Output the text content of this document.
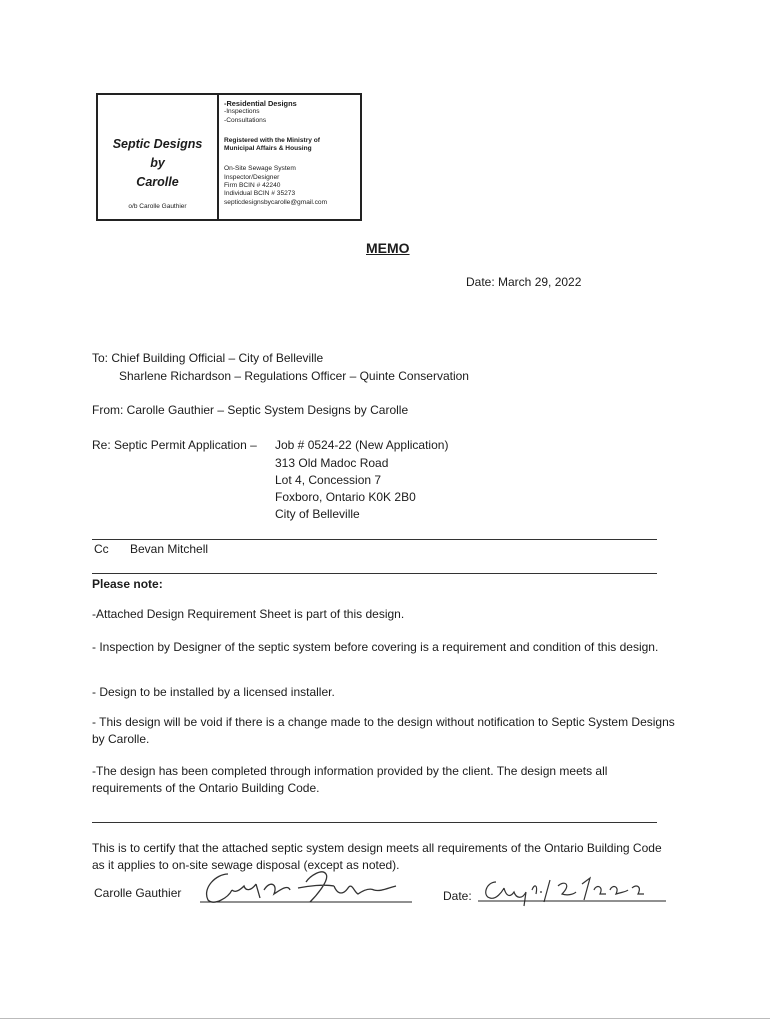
Septic Designs
by
Carolle
o/b Carolle Gauthier
-Residential Designs
-Inspections
-Consultations
Registered with the Ministry of
Municipal Affairs & Housing
On-Site Sewage System
Inspector/Designer
Firm BCIN # 42240
Individual BCIN # 35273
septicdesignsbycarolle@gmail.com
MEMO
Date: March 29, 2022
To: Chief Building Official – City of Belleville
Sharlene Richardson – Regulations Officer – Quinte Conservation
From: Carolle Gauthier – Septic System Designs by Carolle
Re: Septic Permit Application – Job # 0524-22 (New Application)
313 Old Madoc Road
Lot 4, Concession 7
Foxboro, Ontario K0K 2B0
City of Belleville
Cc Bevan Mitchell
Please note:
-Attached Design Requirement Sheet is part of this design.
- Inspection by Designer of the septic system before covering is a requirement and condition of this design.
- Design to be installed by a licensed installer.
- This design will be void if there is a change made to the design without notification to Septic System Designs by Carolle.
-The design has been completed through information provided by the client. The design meets all requirements of the Ontario Building Code.
This is to certify that the attached septic system design meets all requirements of the Ontario Building Code as it applies to on-site sewage disposal (except as noted).
Carolle Gauthier	Date:
